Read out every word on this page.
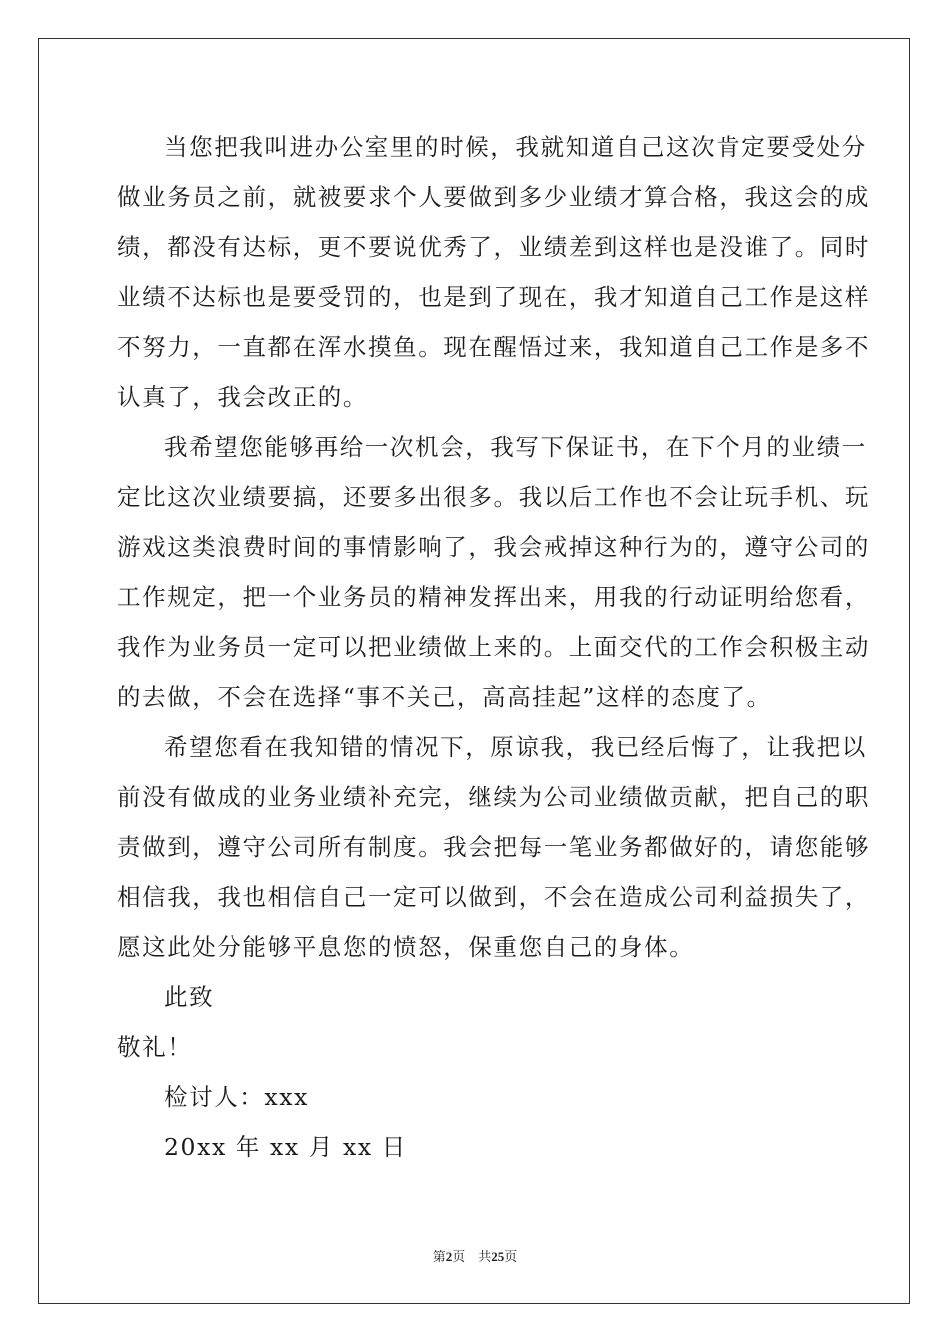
当您把我叫进办公室里的时候，我就知道自己这次肯定要受处分
做业务员之前，就被要求个人要做到多少业绩才算合格，我这会的成
绩，都没有达标，更不要说优秀了，业绩差到这样也是没谁了。同时
业绩不达标也是要受罚的，也是到了现在，我才知道自己工作是这样
不努力，一直都在浑水摸鱼。现在醒悟过来，我知道自己工作是多不
认真了，我会改正的。
我希望您能够再给一次机会，我写下保证书，在下个月的业绩一
定比这次业绩要搞，还要多出很多。我以后工作也不会让玩手机、玩
游戏这类浪费时间的事情影响了，我会戒掉这种行为的，遵守公司的
工作规定，把一个业务员的精神发挥出来，用我的行动证明给您看，
我作为业务员一定可以把业绩做上来的。上面交代的工作会积极主动
的去做，不会在选择“事不关己，高高挂起”这样的态度了。
希望您看在我知错的情况下，原谅我，我已经后悔了，让我把以
前没有做成的业务业绩补充完，继续为公司业绩做贡献，把自己的职
责做到，遵守公司所有制度。我会把每一笔业务都做好的，请您能够
相信我，我也相信自己一定可以做到，不会在造成公司利益损失了，
愿这此处分能够平息您的愤怒，保重您自己的身体。
此致
敬礼！
检讨人：xxx
20xx 年 xx 月 xx 日
第2页　共25页
